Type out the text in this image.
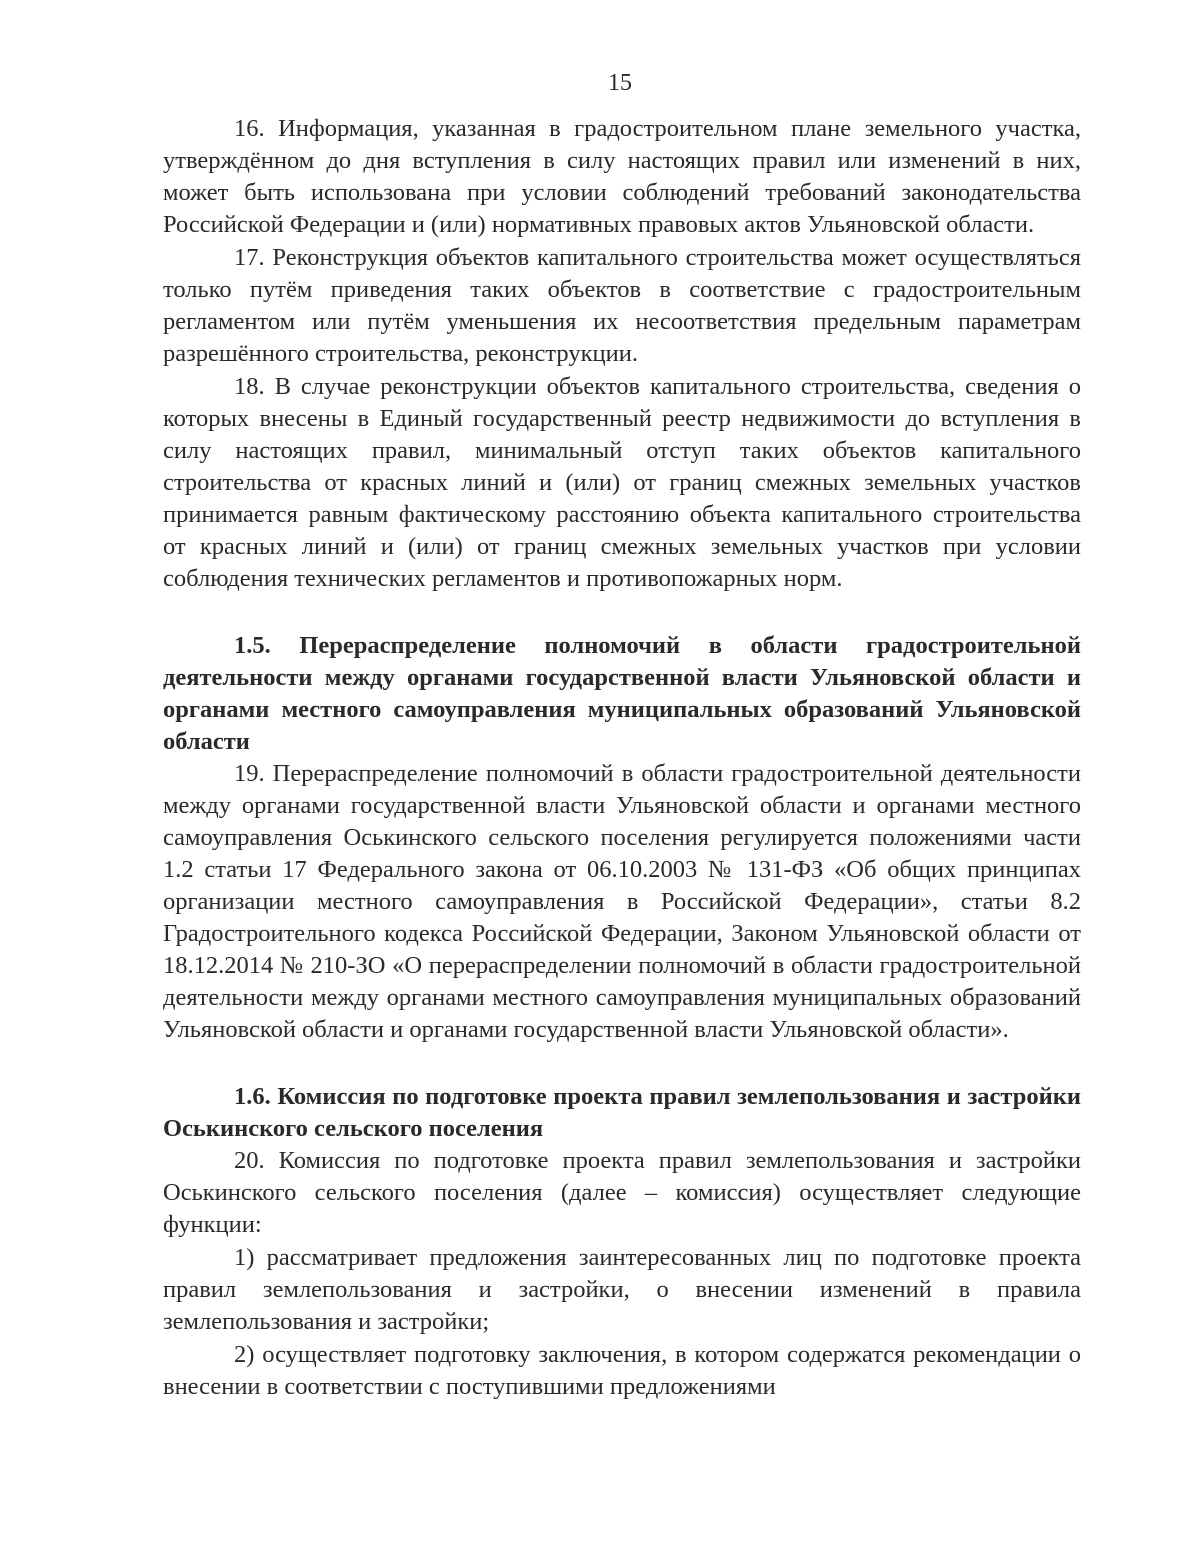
15

16. Информация, указанная в градостроительном плане земельного участка, утверждённом до дня вступления в силу настоящих правил или изменений в них, может быть использована при условии соблюдений требований законодательства Российской Федерации и (или) нормативных правовых актов Ульяновской области.

17. Реконструкция объектов капитального строительства может осуществляться только путём приведения таких объектов в соответствие с градостроительным регламентом или путём уменьшения их несоответствия предельным параметрам разрешённого строительства, реконструкции.

18. В случае реконструкции объектов капитального строительства, сведения о которых внесены в Единый государственный реестр недвижимости до вступления в силу настоящих правил, минимальный отступ таких объектов капитального строительства от красных линий и (или) от границ смежных земельных участков принимается равным фактическому расстоянию объекта капитального строительства от красных линий и (или) от границ смежных земельных участков при условии соблюдения технических регламентов и противопожарных норм.

1.5. Перераспределение полномочий в области градостроительной деятельности между органами государственной власти Ульяновской области и органами местного самоуправления муниципальных образований Ульяновской области

19. Перераспределение полномочий в области градостроительной деятельности между органами государственной власти Ульяновской области и органами местного самоуправления Оськинского сельского поселения регулируется положениями части 1.2 статьи 17 Федерального закона от 06.10.2003 № 131-ФЗ «Об общих принципах организации местного самоуправления в Российской Федерации», статьи 8.2 Градостроительного кодекса Российской Федерации, Законом Ульяновской области от 18.12.2014 № 210-ЗО «О перераспределении полномочий в области градостроительной деятельности между органами местного самоуправления муниципальных образований Ульяновской области и органами государственной власти Ульяновской области».

1.6. Комиссия по подготовке проекта правил землепользования и застройки Оськинского сельского поселения

20. Комиссия по подготовке проекта правил землепользования и застройки Оськинского сельского поселения (далее – комиссия) осуществляет следующие функции:

1) рассматривает предложения заинтересованных лиц по подготовке проекта правил землепользования и застройки, о внесении изменений в правила землепользования и застройки;

2) осуществляет подготовку заключения, в котором содержатся рекомендации о внесении в соответствии с поступившими предложениями
